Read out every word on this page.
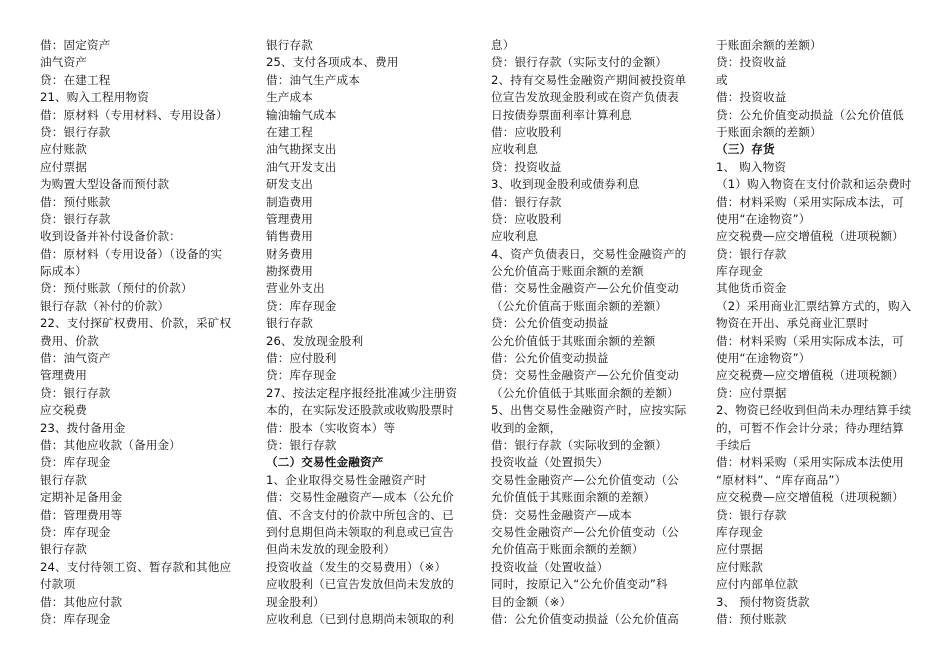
借：固定资产
油气资产
贷：在建工程
21、购入工程用物资
借：原材料（专用材料、专用设备）
贷：银行存款
应付账款
应付票据
为购置大型设备而预付款
借：预付账款
贷：银行存款
收到设备并补付设备价款：
借：原材料（专用设备）（设备的实
际成本）
贷：预付账款（预付的价款）
银行存款（补付的价款）
22、支付探矿权费用、价款，采矿权
费用、价款
借：油气资产
管理费用
贷：银行存款
应交税费
23、拨付备用金
借：其他应收款（备用金）
贷：库存现金
银行存款
定期补足备用金
借：管理费用等
贷：库存现金
银行存款
24、支付待领工资、暂存款和其他应
付款项
借：其他应付款
贷：库存现金
银行存款
25、支付各项成本、费用
借：油气生产成本
生产成本
输油输气成本
在建工程
油气勘探支出
油气开发支出
研发支出
制造费用
管理费用
销售费用
财务费用
勘探费用
营业外支出
贷：库存现金
银行存款
26、发放现金股利
借：应付股利
贷：库存现金
27、按法定程序报经批准减少注册资
本的，在实际发还股款或收购股票时
借：股本（实收资本）等
贷：银行存款
（二）交易性金融资产
1、企业取得交易性金融资产时
借：交易性金融资产—成本（公允价
值、不含支付的价款中所包含的、已
到付息期但尚未领取的利息或已宣告
但尚未发放的现金股利）
投资收益（发生的交易费用）（※）
应收股利（已宣告发放但尚未发放的
现金股利）
应收利息（已到付息期尚未领取的利
息）
贷：银行存款（实际支付的金额）
2、持有交易性金融资产期间被投资单
位宣告发放现金股利或在资产负债表
日按债券票面利率计算利息
借：应收股利
应收利息
贷：投资收益
3、收到现金股利或债券利息
借：银行存款
贷：应收股利
应收利息
4、资产负债表日，交易性金融资产的
公允价值高于账面余额的差额
借：交易性金融资产—公允价值变动
（公允价值高于账面余额的差额）
贷：公允价值变动损益
公允价值低于其账面余额的差额
借：公允价值变动损益
贷：交易性金融资产—公允价值变动
（公允价值低于其账面余额的差额）
5、出售交易性金融资产时，应按实际
收到的金额，
借：银行存款（实际收到的金额）
投资收益（处置损失）
交易性金融资产—公允价值变动（公
允价值低于其账面余额的差额）
贷：交易性金融资产—成本
交易性金融资产—公允价值变动（公
允价值高于账面余额的差额）
投资收益（处置收益）
同时，按原记入“公允价值变动”科
目的金额（※）
借：公允价值变动损益（公允价值高
于账面余额的差额）
贷：投资收益
或
借：投资收益
贷：公允价值变动损益（公允价值低
于账面余额的差额）
（三）存货
1、 购入物资
（1）购入物资在支付价款和运杂费时
借：材料采购（采用实际成本法，可
使用“在途物资”）
应交税费—应交增值税（进项税额）
贷：银行存款
库存现金
其他货币资金
（2）采用商业汇票结算方式的，购入
物资在开出、承兑商业汇票时
借：材料采购（采用实际成本法，可
使用“在途物资”）
应交税费—应交增值税（进项税额）
贷：应付票据
2、物资已经收到但尚未办理结算手续
的，可暂不作会计分录；待办理结算
手续后
借：材料采购（采用实际成本法使用
“原材料”、“库存商品”）
应交税费—应交增值税（进项税额）
贷：银行存款
库存现金
应付票据
应付账款
应付内部单位款
3、 预付物资货款
借：预付账款
